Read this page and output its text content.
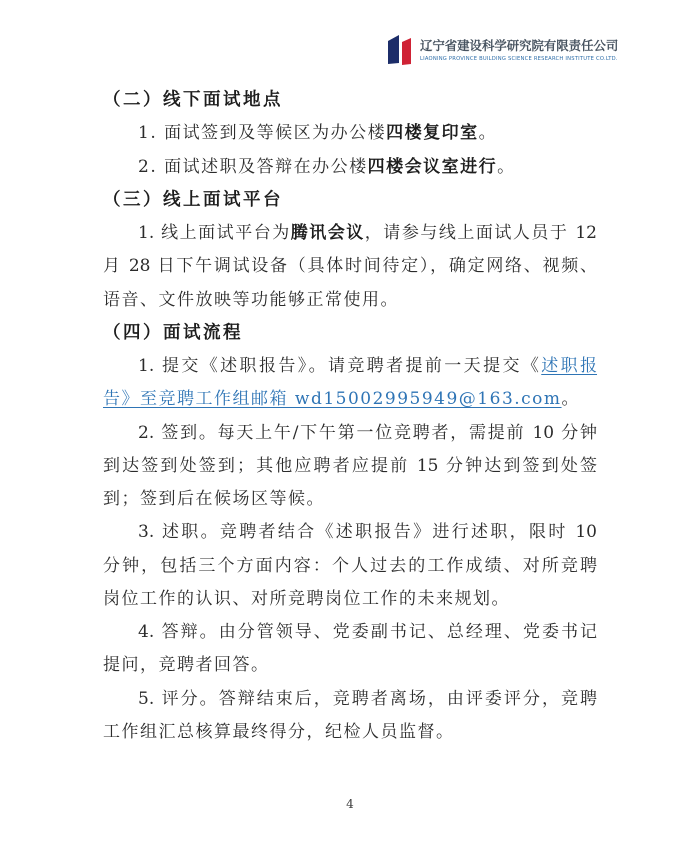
辽宁省建设科学研究院有限责任公司
LIAONING PROVINCE BUILDING SCIENCE RESEARCH INSTITUTE CO.LTD.
（二）线下面试地点
1. 面试签到及等候区为办公楼四楼复印室。
2. 面试述职及答辩在办公楼四楼会议室进行。
（三）线上面试平台
1. 线上面试平台为腾讯会议，请参与线上面试人员于 12
月 28 日下午调试设备（具体时间待定），确定网络、视频、
语音、文件放映等功能够正常使用。
（四）面试流程
1. 提交《述职报告》。请竞聘者提前一天提交《述职报
告》至竞聘工作组邮箱 wd15002995949@163.com。
2. 签到。每天上午/下午第一位竞聘者，需提前 10 分钟
到达签到处签到；其他应聘者应提前 15 分钟达到签到处签
到；签到后在候场区等候。
3. 述职。竞聘者结合《述职报告》进行述职，限时 10
分钟，包括三个方面内容：个人过去的工作成绩、对所竞聘
岗位工作的认识、对所竞聘岗位工作的未来规划。
4. 答辩。由分管领导、党委副书记、总经理、党委书记
提问，竞聘者回答。
5. 评分。答辩结束后，竞聘者离场，由评委评分，竞聘
工作组汇总核算最终得分，纪检人员监督。
4
